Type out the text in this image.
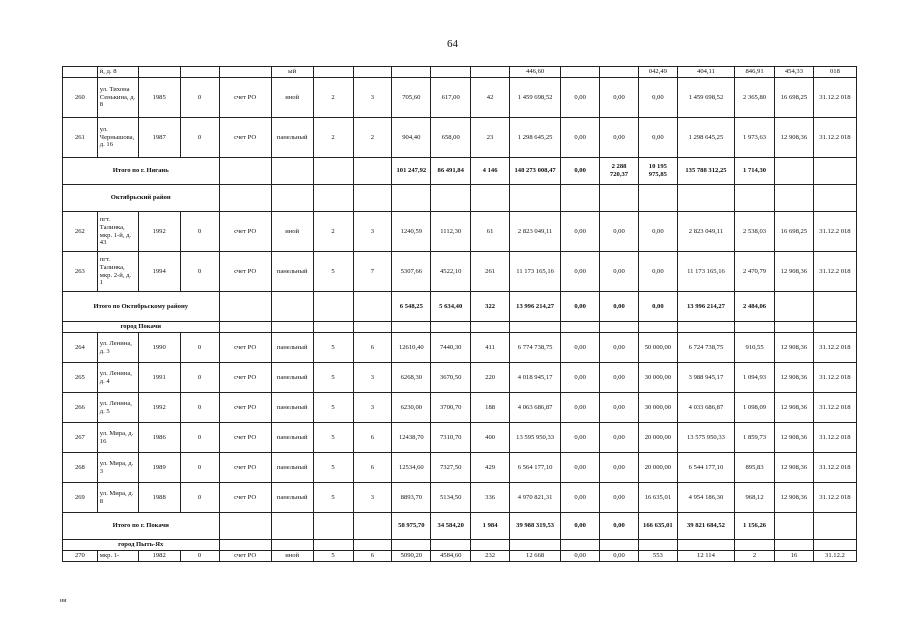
64
	й, д. 8				ый						446,60			042,49	404,11	846,91	454,33	018
260	ул. Тихона Сенькина, д. 8	1985	0	счет РО	иной	2	3	705,60	617,00	42	1 459 698,52	0,00	0,00	0,00	1 459 698,52	2 365,80	16 698,25	31.12.2 018
261	ул. Чернышова, д. 16	1987	0	счет РО	панельный	2	2	904,40	658,00	23	1 298 645,25	0,00	0,00	0,00	1 298 645,25	1 973,63	12 908,36	31.12.2 018
Итого по г. Нягань								101 247,92	86 491,84	4 146	148 273 008,47	0,00	2 288 720,37	10 195 975,85	135 788 312,25	1 714,30		
Октябрьский район																		
262	пгт. Талинка, мкр. 1-й, д. 43	1992	0	счет РО	иной	2	3	1240,59	1112,30	61	2 823 049,11	0,00	0,00	0,00	2 823 049,11	2 538,03	16 698,25	31.12.2 018
263	пгт. Талинка, мкр. 2-й, д. 1	1994	0	счет РО	панельный	5	7	5307,66	4522,10	261	11 173 165,16	0,00	0,00	0,00	11 173 165,16	2 470,79	12 908,36	31.12.2 018
Итого по Октябрьскому району								6 548,25	5 634,40	322	13 996 214,27	0,00	0,00	0,00	13 996 214,27	2 484,06		
город Покачи																		
264	ул. Ленина, д. 3	1990	0	счет РО	панельный	5	6	12610,40	7440,30	411	6 774 738,75	0,00	0,00	50 000,00	6 724 738,75	910,55	12 908,36	31.12.2 018
265	ул. Ленина, д. 4	1991	0	счет РО	панельный	5	3	6268,30	3670,50	220	4 018 945,17	0,00	0,00	30 000,00	3 988 945,17	1 094,93	12 908,36	31.12.2 018
266	ул. Ленина, д. 5	1992	0	счет РО	панельный	5	3	6230,00	3700,70	188	4 063 686,87	0,00	0,00	30 000,00	4 033 686,87	1 098,09	12 908,36	31.12.2 018
267	ул. Мира, д. 16	1986	0	счет РО	панельный	5	6	12438,70	7310,70	400	13 595 950,33	0,00	0,00	20 000,00	13 575 950,33	1 859,73	12 908,36	31.12.2 018
268	ул. Мира, д. 3	1989	0	счет РО	панельный	5	6	12534,60	7327,50	429	6 564 177,10	0,00	0,00	20 000,00	6 544 177,10	895,83	12 908,36	31.12.2 018
269	ул. Мира, д. 8	1988	0	счет РО	панельный	5	3	8893,70	5134,50	336	4 970 821,31	0,00	0,00	16 635,01	4 954 186,30	968,12	12 908,36	31.12.2 018
Итого по г. Покачи								58 975,70	34 584,20	1 984	39 988 319,53	0,00	0,00	166 635,01	39 821 684,52	1 156,26		
город Пыть-Ях																		
270	мкр. 1-	1982	0	счет РО	иной	5	6	5090,20	4584,60	232	12 668	0,00	0,00	553	12 114	2	16	31.12.2
ни
